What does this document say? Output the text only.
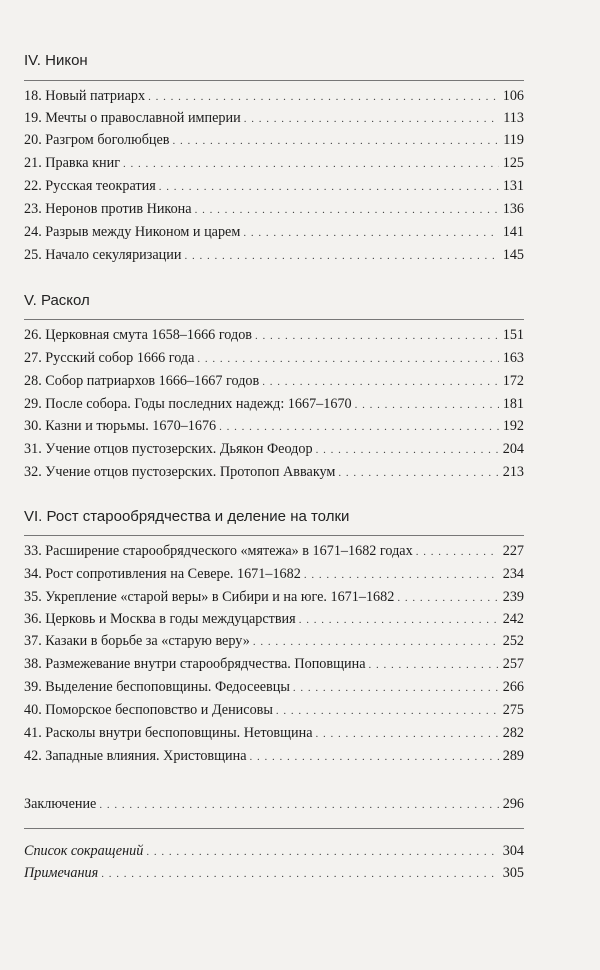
IV. Никон
18. Новый патриарх . . .	106
19. Мечты о православной империи . . .	113
20. Разгром боголюбцев . . .	119
21. Правка книг . . .	125
22. Русская теократия . . .	131
23. Неронов против Никона . . .	136
24. Разрыв между Никоном и царем . . .	141
25. Начало секуляризации . . .	145
V. Раскол
26. Церковная смута 1658–1666 годов . . .	151
27. Русский собор 1666 года . . .	163
28. Собор патриархов 1666–1667 годов . . .	172
29. После собора. Годы последних надежд: 1667–1670 . . .	181
30. Казни и тюрьмы. 1670–1676 . . .	192
31. Учение отцов пустозерских. Дьякон Феодор . . .	204
32. Учение отцов пустозерских. Протопоп Аввакум . . .	213
VI. Рост старообрядчества и деление на толки
33. Расширение старообрядческого «мятежа» в 1671–1682 годах . . .	227
34. Рост сопротивления на Севере. 1671–1682 . . .	234
35. Укрепление «старой веры» в Сибири и на юге. 1671–1682 . . .	239
36. Церковь и Москва в годы междуцарствия . . .	242
37. Казаки в борьбе за «старую веру» . . .	252
38. Размежевание внутри старообрядчества. Поповщина . . .	257
39. Выделение беспоповщины. Федосеевцы . . .	266
40. Поморское беспоповство и Денисовы . . .	275
41. Расколы внутри беспоповщины. Нетовщина . . .	282
42. Западные влияния. Христовщина . . .	289
Заключение . . .	296
Список сокращений . . .	304
Примечания . . .	305
